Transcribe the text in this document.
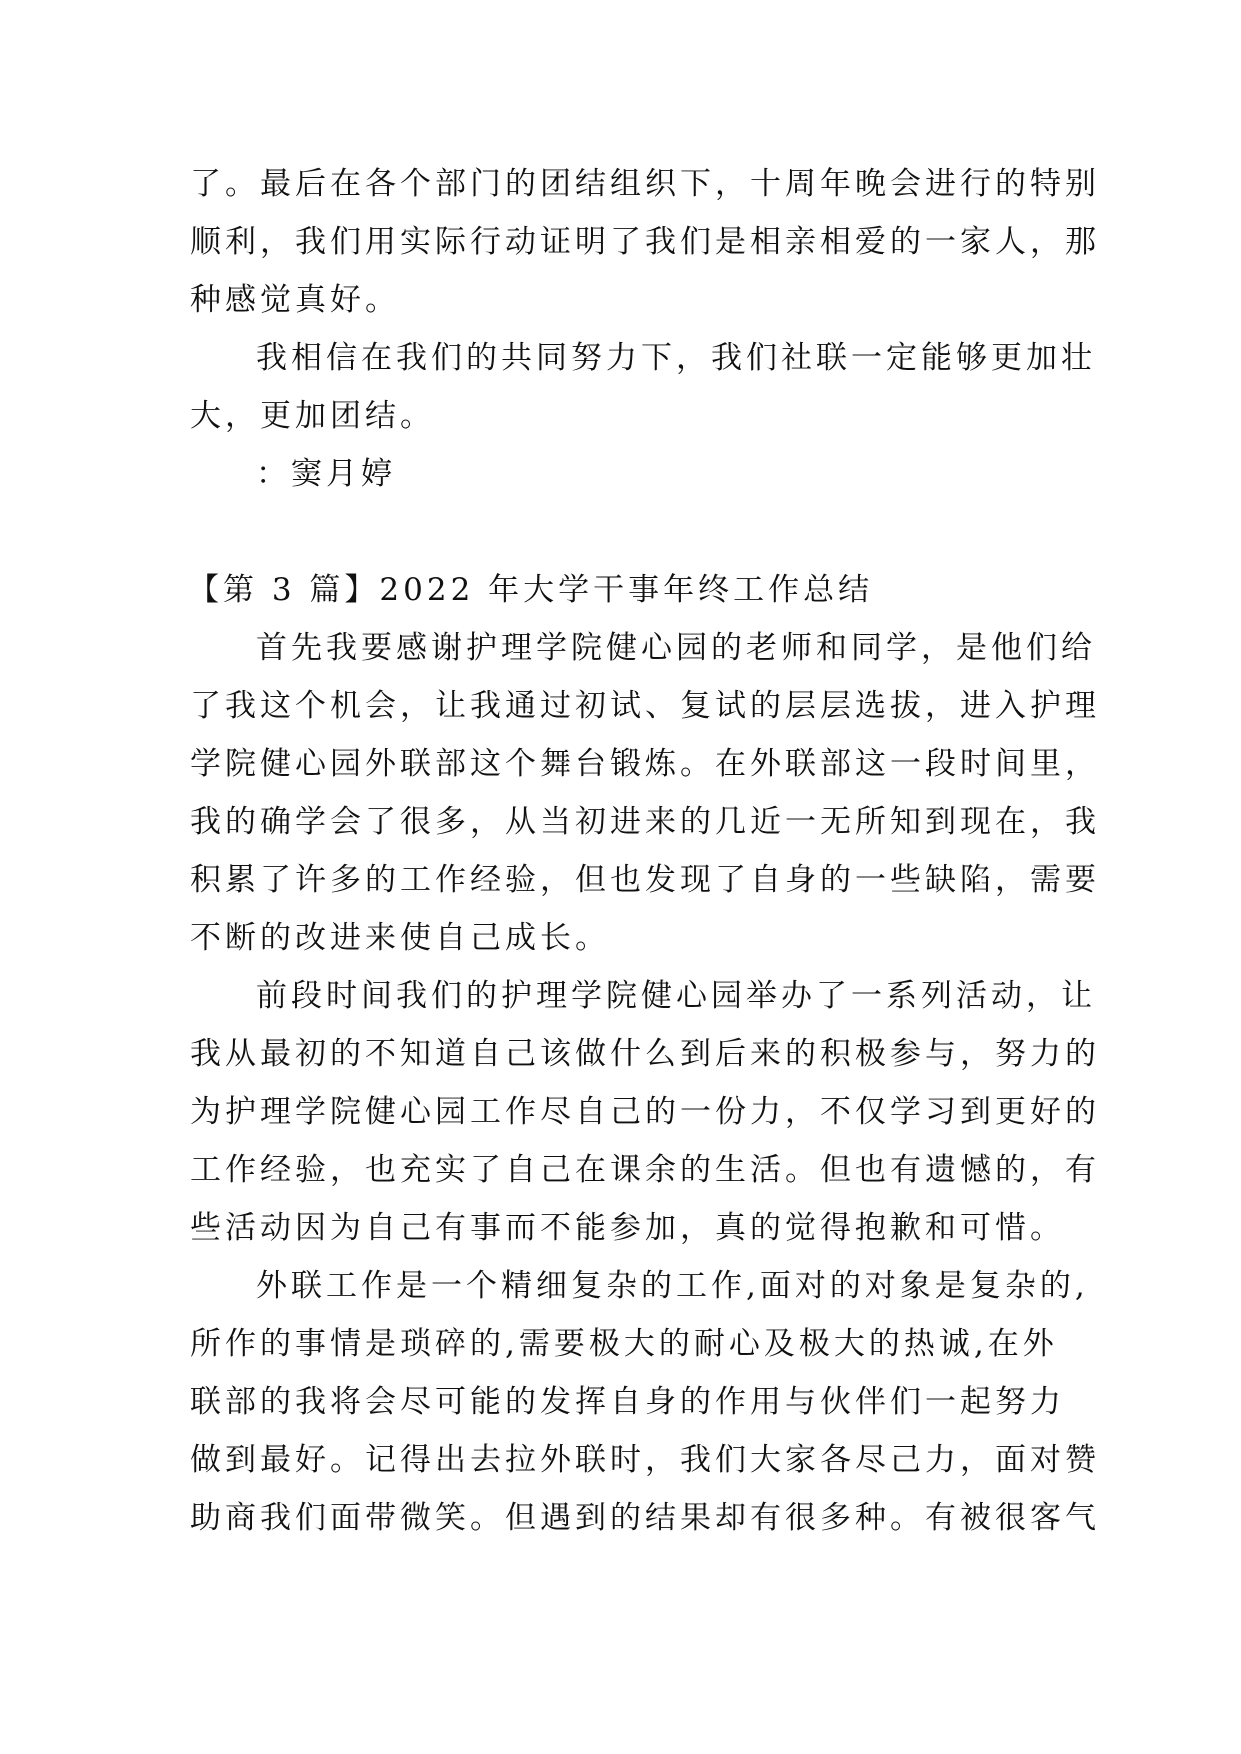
了。最后在各个部门的团结组织下，十周年晚会进行的特别
顺利，我们用实际行动证明了我们是相亲相爱的一家人，那
种感觉真好。
我相信在我们的共同努力下，我们社联一定能够更加壮
大，更加团结。
：窦月婷
【第 3 篇】2022 年大学干事年终工作总结
首先我要感谢护理学院健心园的老师和同学，是他们给
了我这个机会，让我通过初试、复试的层层选拔，进入护理
学院健心园外联部这个舞台锻炼。在外联部这一段时间里，
我的确学会了很多，从当初进来的几近一无所知到现在，我
积累了许多的工作经验，但也发现了自身的一些缺陷，需要
不断的改进来使自己成长。
前段时间我们的护理学院健心园举办了一系列活动，让
我从最初的不知道自己该做什么到后来的积极参与，努力的
为护理学院健心园工作尽自己的一份力，不仅学习到更好的
工作经验，也充实了自己在课余的生活。但也有遗憾的，有
些活动因为自己有事而不能参加，真的觉得抱歉和可惜。
外联工作是一个精细复杂的工作,面对的对象是复杂的,
所作的事情是琐碎的,需要极大的耐心及极大的热诚,在外
联部的我将会尽可能的发挥自身的作用与伙伴们一起努力
做到最好。记得出去拉外联时，我们大家各尽己力，面对赞
助商我们面带微笑。但遇到的结果却有很多种。有被很客气
